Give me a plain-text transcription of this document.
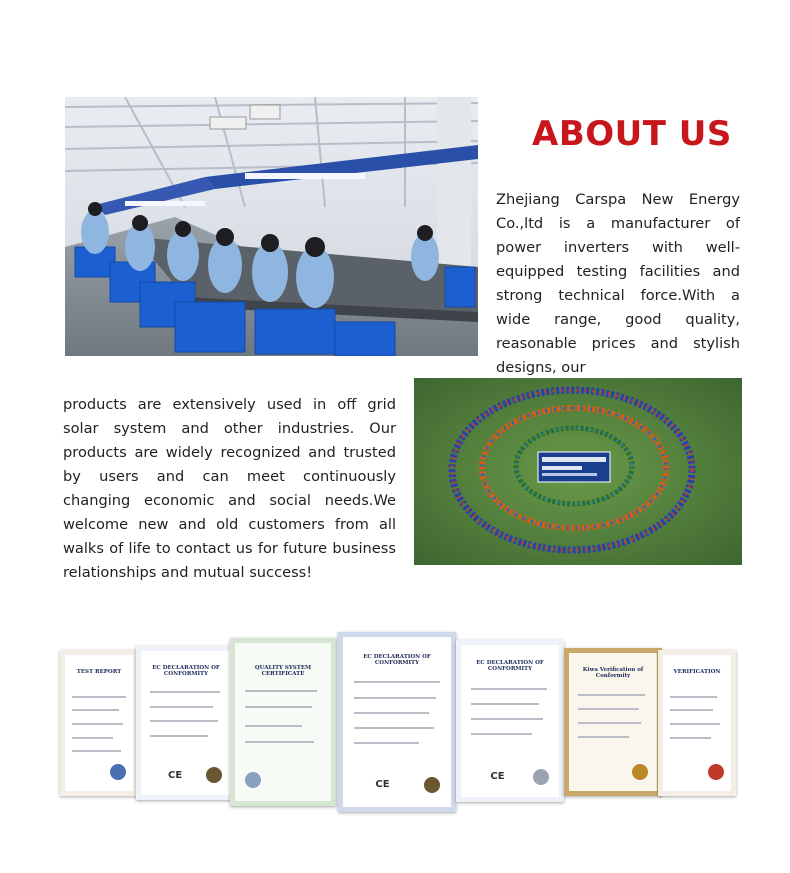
ABOUT US
Zhejiang Carspa New Energy Co.,ltd is a manufacturer of power inverters with well- equipped testing facilities and strong technical force.With a wide range, good quality, reasonable prices and stylish designs, our
products are extensively used in off grid solar system and other industries. Our products are widely recognized and trusted by users and can meet continuously changing economic and social needs.We welcome new and old customers from all walks of life to contact us for future business relationships and mutual success!
TEST REPORT
EC DECLARATION OF CONFORMITY
CE
QUALITY SYSTEM CERTIFICATE
EC DECLARATION OF CONFORMITY
CE
EC DECLARATION OF CONFORMITY
CE
Kiwa Verification of Conformity
VERIFICATION
